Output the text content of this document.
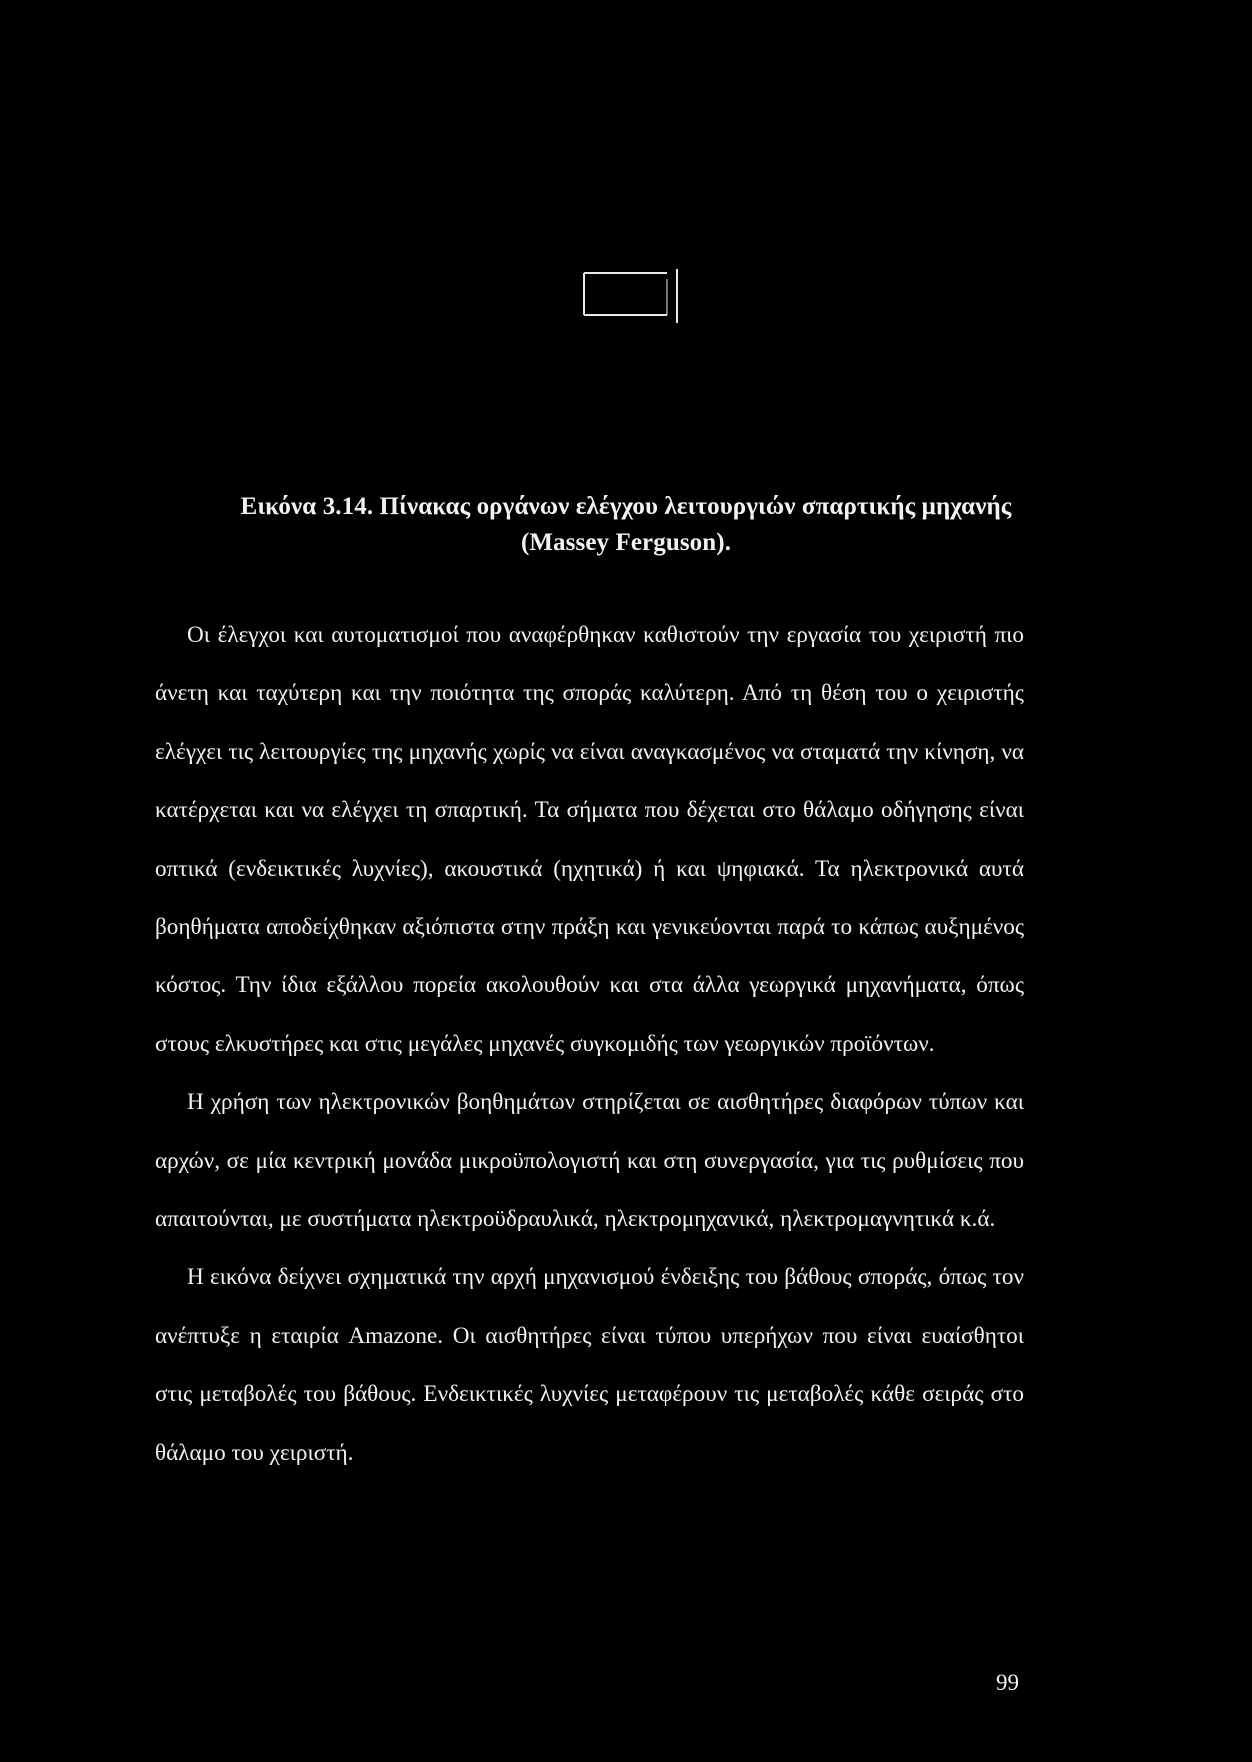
Εικόνα 3.14. Πίνακας οργάνων ελέγχου λειτουργιών σπαρτικής μηχανής
(Massey Ferguson).

Οι έλεγχοι και αυτοματισμοί που αναφέρθηκαν καθιστούν την εργασία του χειριστή πιο άνετη και ταχύτερη και την ποιότητα της σποράς καλύτερη. Από τη θέση του ο χειριστής ελέγχει τις λειτουργίες της μηχανής χωρίς να είναι αναγκασμένος να σταματά την κίνηση, να κατέρχεται και να ελέγχει τη σπαρτική. Τα σήματα που δέχεται στο θάλαμο οδήγησης είναι οπτικά (ενδεικτικές λυχνίες), ακουστικά (ηχητικά) ή και ψηφιακά. Τα ηλεκτρονικά αυτά βοηθήματα αποδείχθηκαν αξιόπιστα στην πράξη και γενικεύονται παρά το κάπως αυξημένος κόστος. Την ίδια εξάλλου πορεία ακολουθούν και στα άλλα γεωργικά μηχανήματα, όπως στους ελκυστήρες και στις μεγάλες μηχανές συγκομιδής των γεωργικών προϊόντων.

Η χρήση των ηλεκτρονικών βοηθημάτων στηρίζεται σε αισθητήρες διαφόρων τύπων και αρχών, σε μία κεντρική μονάδα μικροϋπολογιστή και στη συνεργασία, για τις ρυθμίσεις που απαιτούνται, με συστήματα ηλεκτροϋδραυλικά, ηλεκτρομηχανικά, ηλεκτρομαγνητικά κ.ά.

Η εικόνα δείχνει σχηματικά την αρχή μηχανισμού ένδειξης του βάθους σποράς, όπως τον ανέπτυξε η εταιρία Amazone. Οι αισθητήρες είναι τύπου υπερήχων που είναι ευαίσθητοι στις μεταβολές του βάθους. Ενδεικτικές λυχνίες μεταφέρουν τις μεταβολές κάθε σειράς στο θάλαμο του χειριστή.

99
